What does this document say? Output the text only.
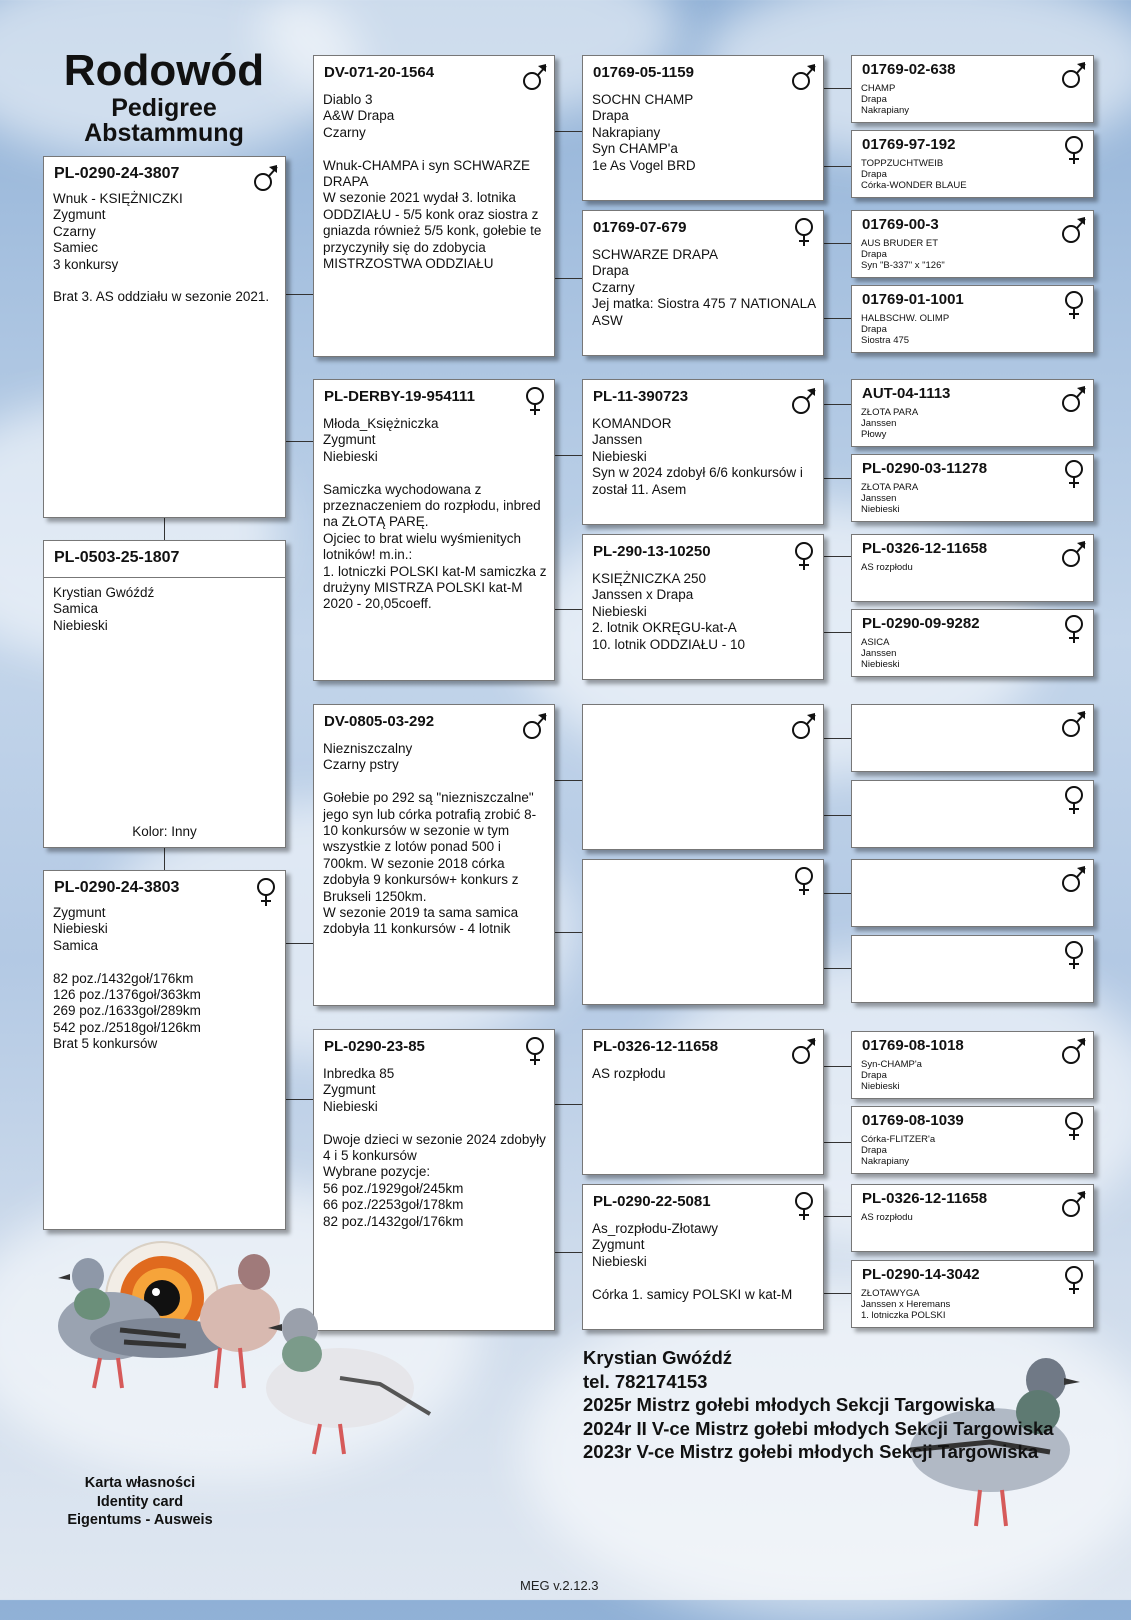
Rodowód
Pedigree
Abstammung
PL-0290-24-3807
Wnuk - KSIĘŻNICZKI
Zygmunt
Czarny
Samiec
3 konkursy

Brat 3. AS oddziału w sezonie 2021.
PL-0503-25-1807
Krystian Gwóźdź
Samica
Niebieski
Kolor: Inny
PL-0290-24-3803
Zygmunt
Niebieski
Samica

82 poz./1432goł/176km
126 poz./1376goł/363km
269 poz./1633goł/289km
542 poz./2518goł/126km
Brat 5 konkursów
DV-071-20-1564
Diablo 3
A&W Drapa
Czarny

Wnuk-CHAMPA i syn SCHWARZE DRAPA
W sezonie 2021 wydał 3. lotnika ODDZIAŁU - 5/5 konk oraz siostra z gniazda również 5/5 konk, gołebie te przyczyniły się do zdobycia MISTRZOSTWA ODDZIAŁU
PL-DERBY-19-954111
Młoda_Księżniczka
Zygmunt
Niebieski

Samiczka wychodowana z przeznaczeniem do rozpłodu, inbred na ZŁOTĄ PARĘ.
Ojciec to brat wielu wyśmienitych lotników! m.in.:
1. lotniczki POLSKI kat-M samiczka z drużyny MISTRZA POLSKI kat-M 2020 - 20,05coeff.
DV-0805-03-292
Niezniszczalny
Czarny pstry

Gołebie po 292 są "niezniszczalne" jego syn lub córka potrafią zrobić 8-10 konkursów w sezonie w tym wszystkie z lotów ponad 500 i 700km. W sezonie 2018 córka zdobyła 9 konkursów+ konkurs z Brukseli 1250km.
W sezonie 2019 ta sama samica zdobyła 11 konkursów - 4 lotnik
PL-0290-23-85
Inbredka 85
Zygmunt
Niebieski

Dwoje dzieci w sezonie 2024 zdobyły 4 i 5 konkursów
Wybrane pozycje:
56 poz./1929goł/245km
66 poz./2253goł/178km
82 poz./1432goł/176km
01769-05-1159
SOCHN CHAMP
Drapa
Nakrapiany
Syn CHAMP'a
1e As Vogel BRD
01769-07-679
SCHWARZE DRAPA
Drapa
Czarny
Jej matka: Siostra 475 7 NATIONALA ASW
PL-11-390723
KOMANDOR
Janssen
Niebieski
Syn w 2024 zdobył 6/6 konkursów i został 11. Asem
PL-290-13-10250
KSIĘŻNICZKA 250
Janssen x Drapa
Niebieski
2. lotnik OKRĘGU-kat-A
10. lotnik ODDZIAŁU - 10
PL-0326-12-11658
AS rozpłodu
PL-0290-22-5081
As_rozpłodu-Złotawy
Zygmunt
Niebieski

Córka 1. samicy POLSKI w kat-M
01769-02-638
CHAMP
Drapa
Nakrapiany
01769-97-192
TOPPZUCHTWEIB
Drapa
Córka-WONDER BLAUE
01769-00-3
AUS BRUDER ET
Drapa
Syn "B-337" x "126"
01769-01-1001
HALBSCHW. OLIMP
Drapa
Siostra 475
AUT-04-1113
ZŁOTA PARA
Janssen
Płowy
PL-0290-03-11278
ZŁOTA PARA
Janssen
Niebieski
PL-0326-12-11658
AS rozpłodu
PL-0290-09-9282
ASICA
Janssen
Niebieski
01769-08-1018
Syn-CHAMP'a
Drapa
Niebieski
01769-08-1039
Córka-FLITZER'a
Drapa
Nakrapiany
PL-0326-12-11658
AS rozpłodu
PL-0290-14-3042
ZŁOTAWYGA
Janssen x Heremans
1. lotniczka POLSKI
Krystian Gwóźdź
tel. 782174153
2025r Mistrz gołebi młodych Sekcji Targowiska
2024r II V-ce Mistrz gołebi młodych Sekcji Targowiska
2023r V-ce Mistrz gołebi młodych Sekcji Targowiska
Karta własności
Identity card
Eigentums - Ausweis
MEG v.2.12.3
